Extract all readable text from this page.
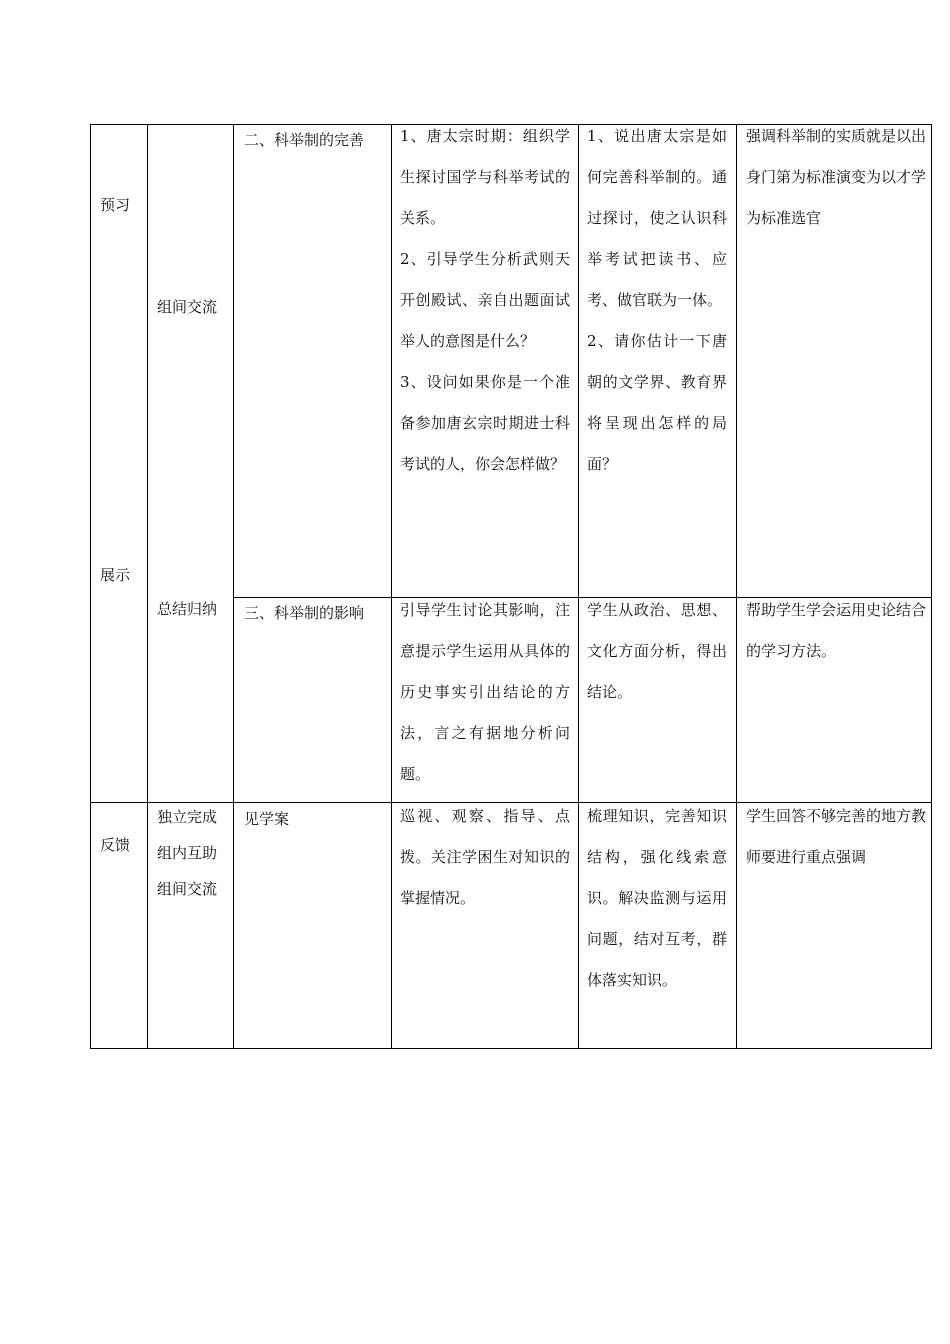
预习
展示
反馈
组间交流
总结归纳
独立完成
组内互助
组间交流
二、科举制的完善 1、唐太宗时期：组织学生探讨国学与科举考试的关系。
2、引导学生分析武则天开创殿试、亲自出题面试举人的意图是什么？
3、设问如果你是一个准备参加唐玄宗时期进士科考试的人，你会怎样做？
1、说出唐太宗是如何完善科举制的。通过探讨，使之认识科举考试把读书、应考、做官联为一体。
2、请你估计一下唐朝的文学界、教育界将呈现出怎样的局面？
强调科举制的实质就是以出身门第为标准演变为以才学为标准选官
三、科举制的影响 引导学生讨论其影响，注意提示学生运用从具体的历史事实引出结论的方法，言之有据地分析问题。
学生从政治、思想、文化方面分析，得出结论。
帮助学生学会运用史论结合的学习方法。
见学案	巡视、观察、指导、点拨。关注学困生对知识的掌握情况。
梳理知识，完善知识结构，强化线索意识。解决监测与运用问题，结对互考，群体落实知识。
学生回答不够完善的地方教师要进行重点强调
